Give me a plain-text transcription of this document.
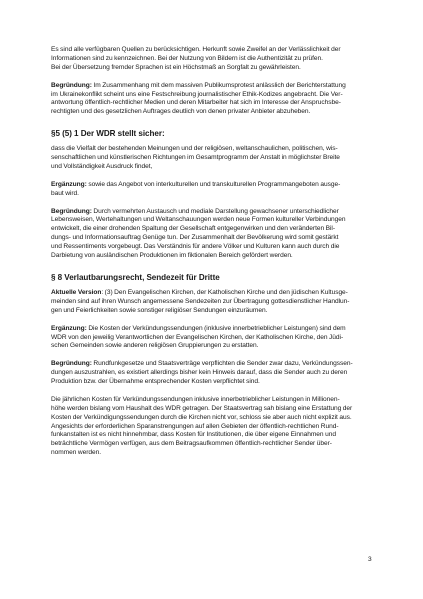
Es sind alle verfügbaren Quellen zu berücksichtigen. Herkunft sowie Zweifel an der Verlässlichkeit der
Informationen sind zu kennzeichnen. Bei der Nutzung von Bildern ist die Authentizität zu prüfen.
Bei der Übersetzung fremder Sprachen ist ein Höchstmaß an Sorgfalt zu gewährleisten.

Begründung: Im Zusammenhang mit dem massiven Publikumsprotest anlässlich der Berichterstattung
im Ukrainekonflikt scheint uns eine Festschreibung journalistischer Ethik-Kodizes angebracht. Die Ver-
antwortung öffentlich-rechtlicher Medien und deren Mitarbeiter hat sich im Interesse der Anspruchsbe-
rechtigten und des gesetzlichen Auftrages deutlich von denen privater Anbieter abzuheben.

§5 (5) 1 Der WDR stellt sicher:

dass die Vielfalt der bestehenden Meinungen und der religiösen, weltanschaulichen, politischen, wis-
senschaftlichen und künstlerischen Richtungen im Gesamtprogramm der Anstalt in möglichster Breite
und Vollständigkeit Ausdruck findet,

Ergänzung: sowie das Angebot von interkulturellen und transkulturellen Programmangeboten ausge-
baut wird.

Begründung: Durch vermehrten Austausch und mediale Darstellung gewachsener unterschiedlicher
Lebensweisen, Wertehaltungen und Weltanschauungen werden neue Formen kultureller Verbindungen
entwickelt, die einer drohenden Spaltung der Gesellschaft entgegenwirken und den veränderten Bil-
dungs- und Informationsauftrag Genüge tun. Der Zusammenhalt der Bevölkerung wird somit gestärkt
und Ressentiments vorgebeugt. Das Verständnis für andere Völker und Kulturen kann auch durch die
Darbietung von ausländischen Produktionen im fiktionalen Bereich gefördert werden.

§ 8 Verlautbarungsrecht, Sendezeit für Dritte

Aktuelle Version: (3) Den Evangelischen Kirchen, der Katholischen Kirche und den jüdischen Kultusge-
meinden sind auf ihren Wunsch angemessene Sendezeiten zur Übertragung gottesdienstlicher Handlun-
gen und Feierlichkeiten sowie sonstiger religiöser Sendungen einzuräumen.

Ergänzung: Die Kosten der Verkündungssendungen (inklusive innerbetrieblicher Leistungen) sind dem
WDR von den jeweilig Verantwortlichen der Evangelischen Kirchen, der Katholischen Kirche, den Jüdi-
schen Gemeinden sowie anderen religiösen Gruppierungen zu erstatten.

Begründung: Rundfunkgesetze und Staatsverträge verpflichten die Sender zwar dazu, Verkündungssen-
dungen auszustrahlen, es existiert allerdings bisher kein Hinweis darauf, dass die Sender auch zu deren
Produktion bzw. der Übernahme entsprechender Kosten verpflichtet sind.

Die jährlichen Kosten für Verkündungssendungen inklusive innerbetrieblicher Leistungen in Millionen-
höhe werden bislang vom Haushalt des WDR getragen. Der Staatsvertrag sah bislang eine Erstattung der
Kosten der Verkündigungssendungen durch die Kirchen nicht vor, schloss sie aber auch nicht explizit aus.
Angesichts der erforderlichen Sparanstrengungen auf allen Gebieten der öffentlich-rechtlichen Rund-
funkanstalten ist es nicht hinnehmbar, dass Kosten für Institutionen, die über eigene Einnahmen und
beträchtliche Vermögen verfügen, aus dem Beitragsaufkommen öffentlich-rechtlicher Sender über-
nommen werden.

3
